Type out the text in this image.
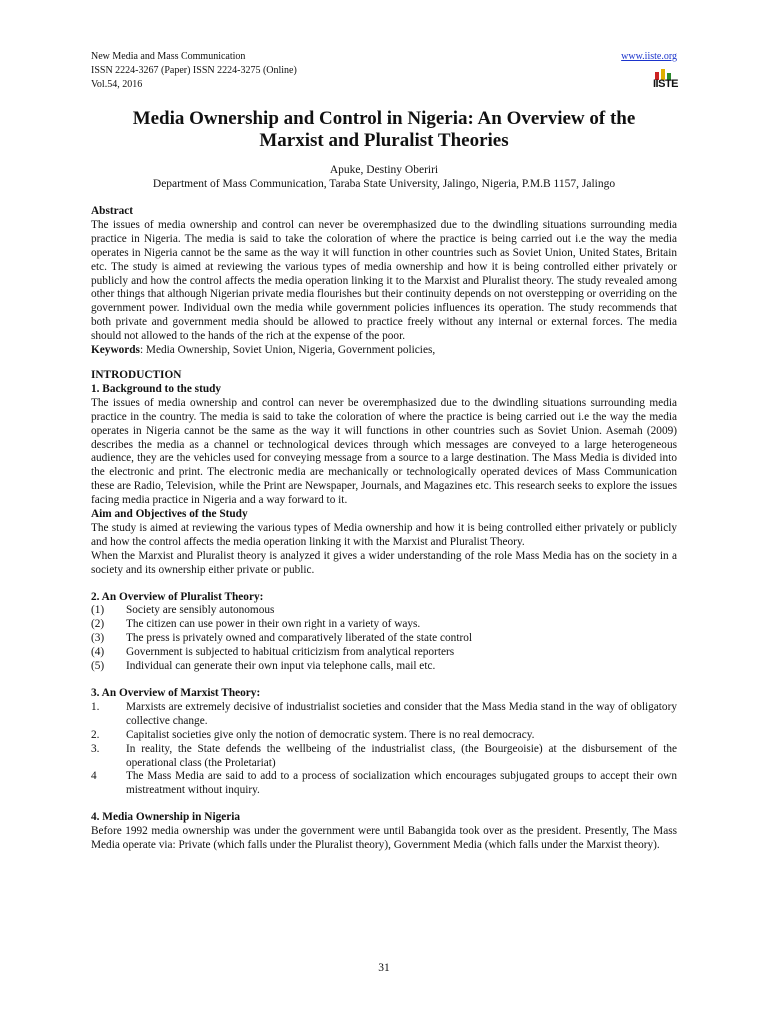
New Media and Mass Communication
ISSN 2224-3267 (Paper) ISSN 2224-3275 (Online)
Vol.54, 2016
www.iiste.org
IISTE
Media Ownership and Control in Nigeria: An Overview of the Marxist and Pluralist Theories
Apuke, Destiny Oberiri
Department of Mass Communication, Taraba State University, Jalingo, Nigeria, P.M.B 1157, Jalingo

Abstract

The issues of media ownership and control can never be overemphasized due to the dwindling situations surrounding media practice in Nigeria. The media is said to take the coloration of where the practice is being carried out i.e the way the media operates in Nigeria cannot be the same as the way it will function in other countries such as Soviet Union, United States, Britain etc. The study is aimed at reviewing the various types of media ownership and how it is being controlled either privately or publicly and how the control affects the media operation linking it to the Marxist and Pluralist theory. The study revealed among other things that although Nigerian private media flourishes but their continuity depends on not overstepping or overriding on the government power. Individual own the media while government policies influences its operation. The study recommends that both private and government media should be allowed to practice freely without any internal or external forces. The media should not allowed to the hands of the rich at the expense of the poor.

Keywords: Media Ownership, Soviet Union, Nigeria, Government policies,

INTRODUCTION

1. Background to the study

The issues of media ownership and control can never be overemphasized due to the dwindling situations surrounding media practice in the country. The media is said to take the coloration of where the practice is being carried out i.e the way the media operates in Nigeria cannot be the same as the way it will functions in other countries such as Soviet Union. Asemah (2009) describes the media as a channel or technological devices through which messages are conveyed to a large heterogeneous audience, they are the vehicles used for conveying message from a source to a large destination. The Mass Media is divided into the electronic and print. The electronic media are mechanically or technologically operated devices of Mass Communication these are Radio, Television, while the Print are Newspaper, Journals, and Magazines etc. This research seeks to explore the issues facing media practice in Nigeria and a way forward to it.

Aim and Objectives of the Study

The study is aimed at reviewing the various types of Media ownership and how it is being controlled either privately or publicly and how the control affects the media operation linking it with the Marxist and Pluralist Theory.

When the Marxist and Pluralist theory is analyzed it gives a wider understanding of the role Mass Media has on the society in a society and its ownership either private or public.

2. An Overview of Pluralist Theory:

(1)	Society are sensibly autonomous
(2)	The citizen can use power in their own right in a variety of ways.
(3)	The press is privately owned and comparatively liberated of the state control
(4)	Government is subjected to habitual criticizism from analytical reporters
(5)	Individual can generate their own input via telephone calls, mail etc.

3. An Overview of Marxist Theory:

1.	Marxists are extremely decisive of industrialist societies and consider that the Mass Media stand in the way of obligatory collective change.
2.	Capitalist societies give only the notion of democratic system. There is no real democracy.
3.	In reality, the State defends the wellbeing of the industrialist class, (the Bourgeoisie) at the disbursement of the operational class (the Proletariat)
4	The Mass Media are said to add to a process of socialization which encourages subjugated groups to accept their own mistreatment without inquiry.

4. Media Ownership in Nigeria

Before 1992 media ownership was under the government were until Babangida took over as the president. Presently, The Mass Media operate via: Private (which falls under the Pluralist theory), Government Media (which falls under the Marxist theory).

31
